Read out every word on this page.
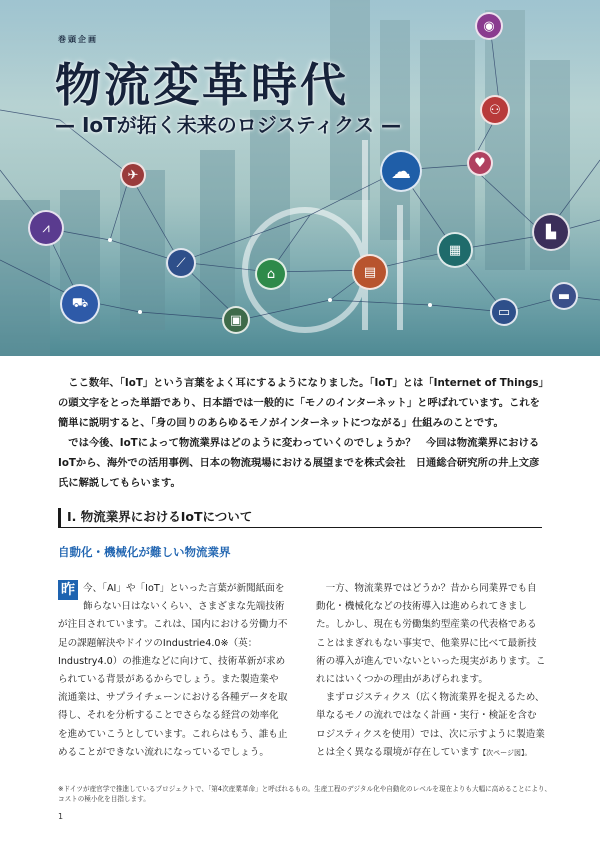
巻頭企画
物流変革時代
— IoTが拓く未来のロジスティクス —
◉
⚇
✈	☁	♥
▙
⩘
▦
⟋
⌂	▤
⛟	▬
▭
▣

ここ数年、「IoT」という言葉をよく耳にするようになりました。「IoT」とは「Internet of Things」の頭文字をとった単語であり、日本語では一般的に「モノのインターネット」と呼ばれています。これを簡単に説明すると、「身の回りのあらゆるモノがインターネットにつながる」仕組みのことです。

では今後、IoTによって物流業界はどのように変わっていくのでしょうか？　今回は物流業界におけるIoTから、海外での活用事例、日本の物流現場における展望までを株式会社　日通総合研究所の井上文彦氏に解説してもらいます。

I. 物流業界におけるIoTについて
自動化・機械化が難しい物流業界

昨 今、「AI」や「IoT」といった言葉が新聞紙面を飾らない日はないくらい、さまざまな先端技術が注目されています。これは、国内における労働力不足の課題解決やドイツのIndustrie4.0※（英：Industry4.0）の推進などに向けて、技術革新が求められている背景があるからでしょう。また製造業や流通業は、サプライチェーンにおける各種データを取得し、それを分析することでさらなる経営の効率化を進めていこうとしています。これらはもう、誰も止めることができない流れになっているでしょう。

一方、物流業界ではどうか？昔から同業界でも自動化・機械化などの技術導入は進められてきました。しかし、現在も労働集約型産業の代表格であることはまぎれもない事実で、他業界に比べて最新技術の導入が進んでいないといった現実があります。これにはいくつかの理由があげられます。

まずロジスティクス（広く物流業界を捉えるため、単なるモノの流れではなく計画・実行・検証を含むロジスティクスを使用）では、次に示すように製造業とは全く異なる環境が存在しています【次ページ図】。

※ドイツが産官学で推進しているプロジェクトで、「第4次産業革命」と呼ばれるもの。生産工程のデジタル化や自動化のレベルを現在よりも大幅に高めることにより、コストの極小化を目指します。
1
